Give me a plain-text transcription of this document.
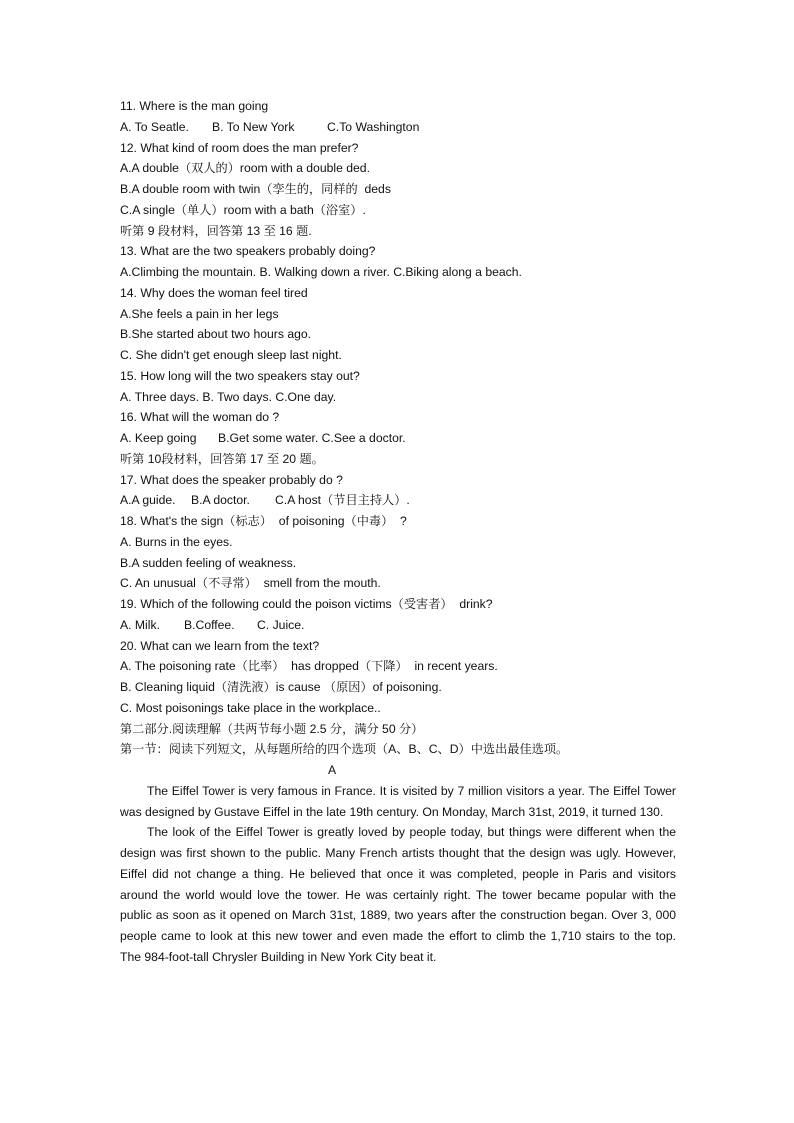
11. Where is the man going
A. To Seatle. B. To New York	C.To Washington
12. What kind of room does the man prefer?
A.A double（双人的）room with a double ded.
B.A double room with twin（孪生的，同样的  deds
C.A single（单人）room with a bath（浴室）.
听第 9 段材料，回答第 13 至 16 题.
13. What are the two speakers probably doing?
A.Climbing the mountain. B. Walking down a river. C.Biking along a beach.
14. Why does the woman feel tired
A.She feels a pain in her legs
B.She started about two hours ago.
C. She didn't get enough sleep last night.
15. How long will the two speakers stay out?
A. Three days. B. Two days. C.One day.
16. What will the woman do ?
A. Keep going B.Get some water. C.See a doctor.
听第 10段材料，回答第 17 至 20 题。
17. What does the speaker probably do ?
A.A guide. B.A doctor. C.A host（节目主持人）.
18. What's the sign（标志）  of poisoning（中毒）  ?
A. Burns in the eyes.
B.A sudden feeling of weakness.
C. An unusual（不寻常）  smell from the mouth.
19. Which of the following could the poison victims（受害者）  drink?
A. Milk. B.Coffee. C. Juice.
20. What can we learn from the text?
A. The poisoning rate（比率）  has dropped（下降）  in recent years.
B. Cleaning liquid（清洗液）is cause （原因）of poisoning.
C. Most poisonings take place in the workplace..
第二部分.阅读理解（共两节每小题 2.5 分，满分 50 分）
第一节：阅读下列短文，从每题所给的四个选项（A、B、C、D）中选出最佳选项。
A

The Eiffel Tower is very famous in France. It is visited by 7 million visitors a year. The Eiffel Tower was designed by Gustave Eiffel in the late 19th century. On Monday, March 31st, 2019, it turned 130.

The look of the Eiffel Tower is greatly loved by people today, but things were different when the design was first shown to the public. Many French artists thought that the design was ugly. However, Eiffel did not change a thing. He believed that once it was completed, people in Paris and visitors around the world would love the tower. He was certainly right. The tower became popular with the public as soon as it opened on March 31st, 1889, two years after the construction began. Over 3, 000 people came to look at this new tower and even made the effort to climb the 1,710 stairs to the top. The 984-foot-tall Chrysler Building in New York City beat it.
